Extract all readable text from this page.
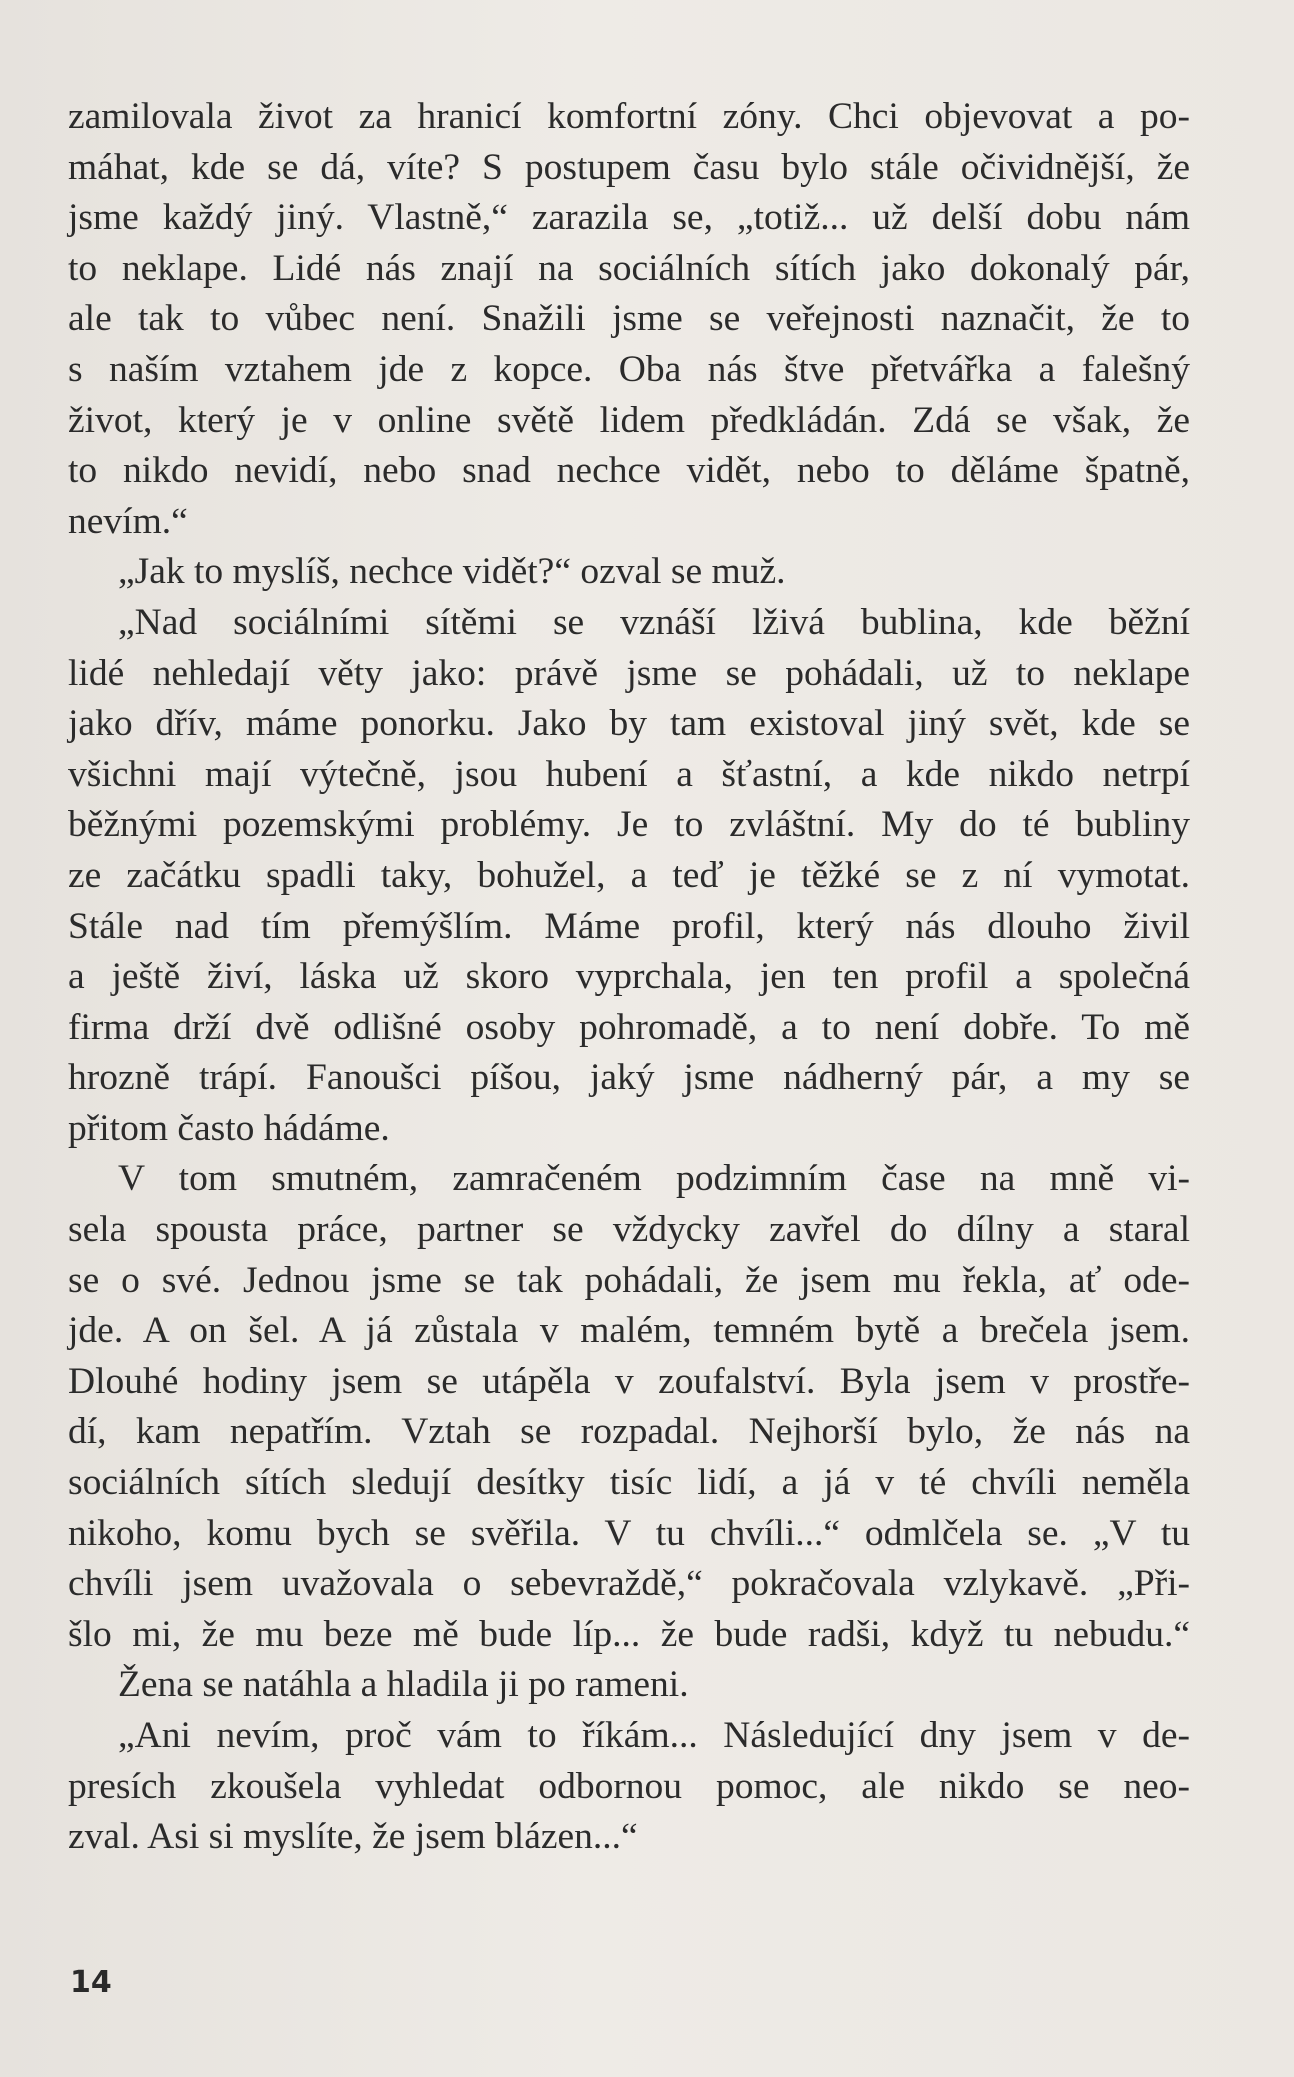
zamilovala život za hranicí komfortní zóny. Chci objevovat a po-
máhat, kde se dá, víte? S postupem času bylo stále očividnější, že
jsme každý jiný. Vlastně,“ zarazila se, „totiž... už delší dobu nám
to neklape. Lidé nás znají na sociálních sítích jako dokonalý pár,
ale tak to vůbec není. Snažili jsme se veřejnosti naznačit, že to
s naším vztahem jde z kopce. Oba nás štve přetvářka a falešný
život, který je v online světě lidem předkládán. Zdá se však, že
to nikdo nevidí, nebo snad nechce vidět, nebo to děláme špatně,
nevím.“
„Jak to myslíš, nechce vidět?“ ozval se muž.
„Nad sociálními sítěmi se vznáší lživá bublina, kde běžní
lidé nehledají věty jako: právě jsme se pohádali, už to neklape
jako dřív, máme ponorku. Jako by tam existoval jiný svět, kde se
všichni mají výtečně, jsou hubení a šťastní, a kde nikdo netrpí
běžnými pozemskými problémy. Je to zvláštní. My do té bubliny
ze začátku spadli taky, bohužel, a teď je těžké se z ní vymotat.
Stále nad tím přemýšlím. Máme profil, který nás dlouho živil
a ještě živí, láska už skoro vyprchala, jen ten profil a společná
firma drží dvě odlišné osoby pohromadě, a to není dobře. To mě
hrozně trápí. Fanoušci píšou, jaký jsme nádherný pár, a my se
přitom často hádáme.
V tom smutném, zamračeném podzimním čase na mně vi-
sela spousta práce, partner se vždycky zavřel do dílny a staral
se o své. Jednou jsme se tak pohádali, že jsem mu řekla, ať ode-
jde. A on šel. A já zůstala v malém, temném bytě a brečela jsem.
Dlouhé hodiny jsem se utápěla v zoufalství. Byla jsem v prostře-
dí, kam nepatřím. Vztah se rozpadal. Nejhorší bylo, že nás na
sociálních sítích sledují desítky tisíc lidí, a já v té chvíli neměla
nikoho, komu bych se svěřila. V tu chvíli...“ odmlčela se. „V tu
chvíli jsem uvažovala o sebevraždě,“ pokračovala vzlykavě. „Při-
šlo mi, že mu beze mě bude líp... že bude radši, když tu nebudu.“
Žena se natáhla a hladila ji po rameni.
„Ani nevím, proč vám to říkám... Následující dny jsem v de-
presích zkoušela vyhledat odbornou pomoc, ale nikdo se neo-
zval. Asi si myslíte, že jsem blázen...“
14
